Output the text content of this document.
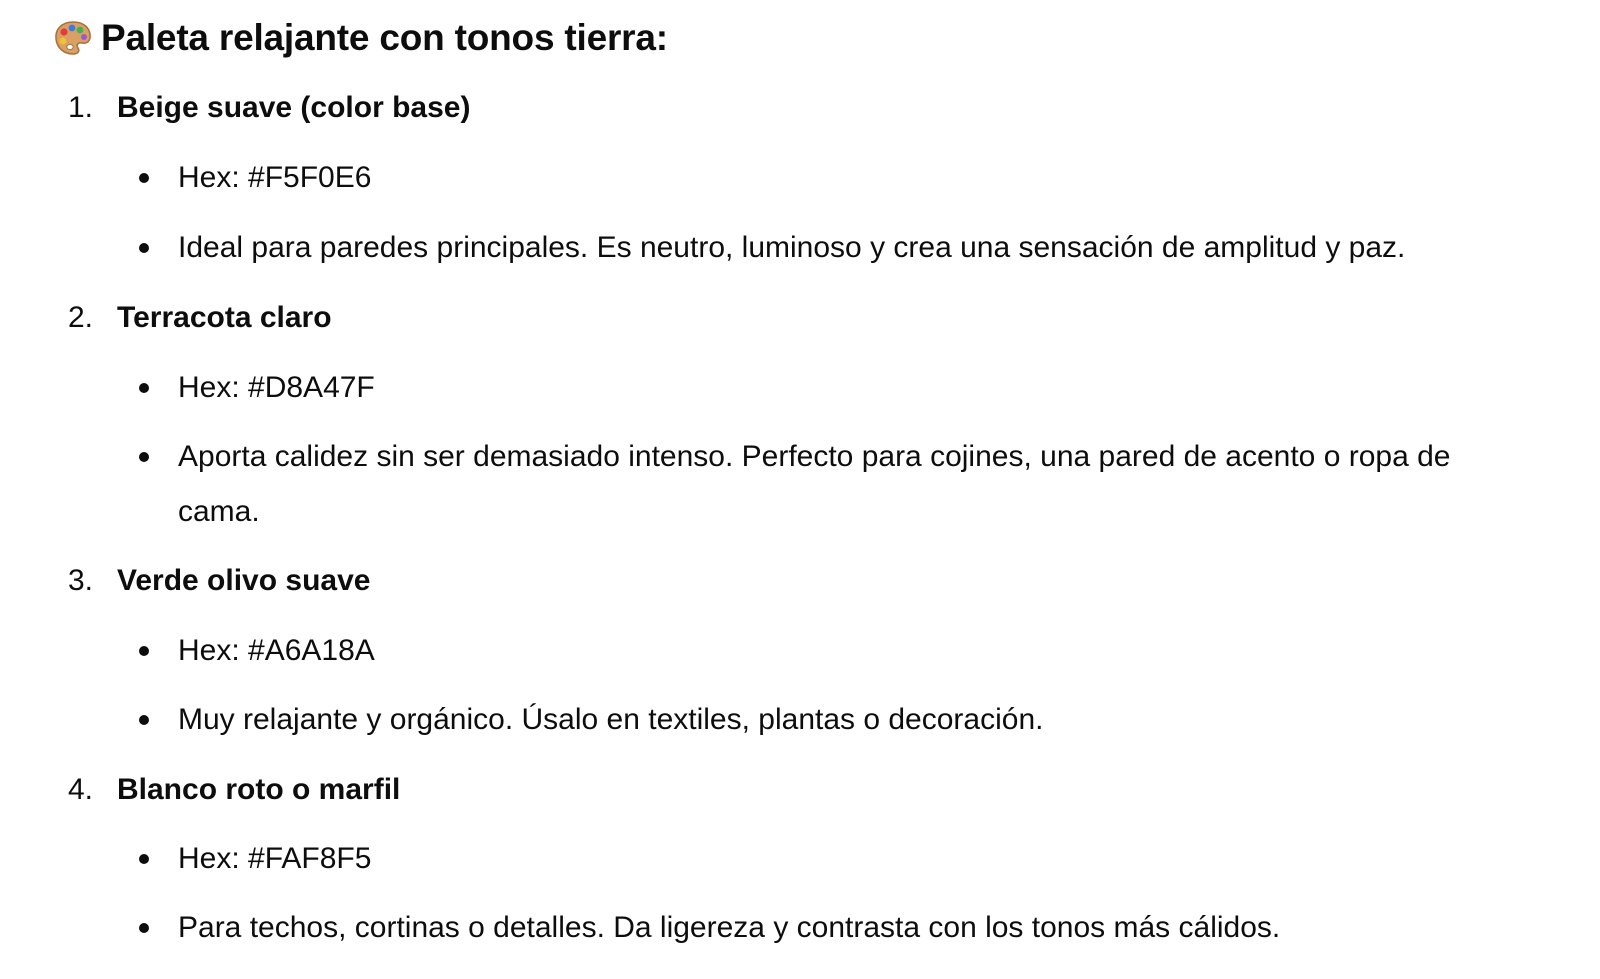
Paleta relajante con tonos tierra:
1. Beige suave (color base)
Hex: #F5F0E6
Ideal para paredes principales. Es neutro, luminoso y crea una sensación de amplitud y paz.
2. Terracota claro
Hex: #D8A47F
Aporta calidez sin ser demasiado intenso. Perfecto para cojines, una pared de acento o ropa de
cama.
3. Verde olivo suave
Hex: #A6A18A
Muy relajante y orgánico. Úsalo en textiles, plantas o decoración.
4. Blanco roto o marfil
Hex: #FAF8F5
Para techos, cortinas o detalles. Da ligereza y contrasta con los tonos más cálidos.
